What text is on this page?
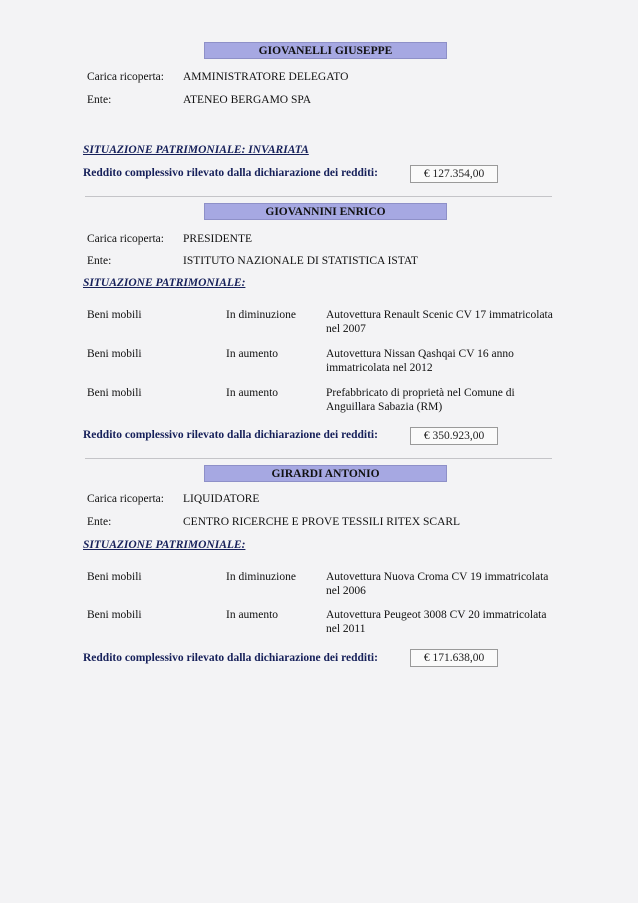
GIOVANELLI GIUSEPPE
Carica ricoperta: AMMINISTRATORE DELEGATO
Ente:	ATENEO BERGAMO SPA
SITUAZIONE PATRIMONIALE: INVARIATA
Reddito complessivo rilevato dalla dichiarazione dei redditi:	€ 127.354,00
GIOVANNINI ENRICO
Carica ricoperta: PRESIDENTE
Ente:	ISTITUTO NAZIONALE DI STATISTICA ISTAT
SITUAZIONE PATRIMONIALE:
Beni mobili	In diminuzione	Autovettura Renault Scenic CV 17 immatricolata nel 2007
Beni mobili	In aumento	Autovettura Nissan Qashqai CV 16 anno immatricolata nel 2012
Beni mobili	In aumento	Prefabbricato di proprietà nel Comune di Anguillara Sabazia (RM)
Reddito complessivo rilevato dalla dichiarazione dei redditi:	€ 350.923,00
GIRARDI ANTONIO
Carica ricoperta: LIQUIDATORE
Ente:	CENTRO RICERCHE E PROVE TESSILI RITEX SCARL
SITUAZIONE PATRIMONIALE:
Beni mobili	In diminuzione	Autovettura Nuova Croma CV 19 immatricolata nel 2006
Beni mobili	In aumento	Autovettura Peugeot 3008 CV 20 immatricolata nel 2011
Reddito complessivo rilevato dalla dichiarazione dei redditi:	€ 171.638,00
